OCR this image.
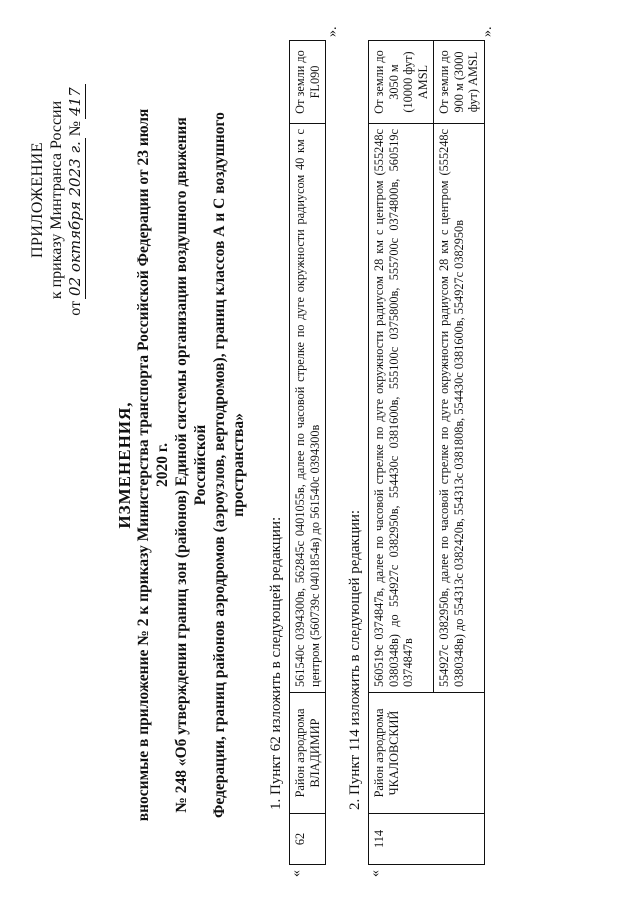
ПРИЛОЖЕНИЕ к приказу Минтранса России
от
02 октября 2023 г.
№
417
ИЗМЕНЕНИЯ, вносимые в приложение № 2 к приказу Министерства транспорта Российской Федерации от 23 июля 2020 г. № 248 «Об утверждении границ зон (районов) Единой системы организации воздушного движения Российской Федерации, границ районов аэродромов (аэроузлов, вертодромов), границ классов А и С воздушного пространства»
1. Пункт 62 изложить в следующей редакции:
«
62	Район аэродрома ВЛАДИМИР	561540с 0394300в, 562845с 0401055в, далее по часовой стрелке по дуге окружности радиусом 40 км с центром (560739с 0401854в) до 561540с 0394300в	От земли до FL090
».
2. Пункт 114 изложить в следующей редакции:
«
114	Район аэродрома ЧКАЛОВСКИЙ	560519с 0374847в, далее по часовой стрелке по дуге окружности радиусом 28 км с центром (555248с 0380348в) до 554927с 0382950в, 554430с 0381600в, 555100с 0375800в, 555700с 0374800в, 560519с 0374847в	От земли до 3050 м (10000 фут) AMSL
		554927с 0382950в, далее по часовой стрелке по дуге окружности радиусом 28 км с центром (555248с 0380348в) до 554313с 0382420в, 554313с 0381808в, 554430с 0381600в, 554927с 0382950в	От земли до 900 м (3000 фут) AMSL
».
